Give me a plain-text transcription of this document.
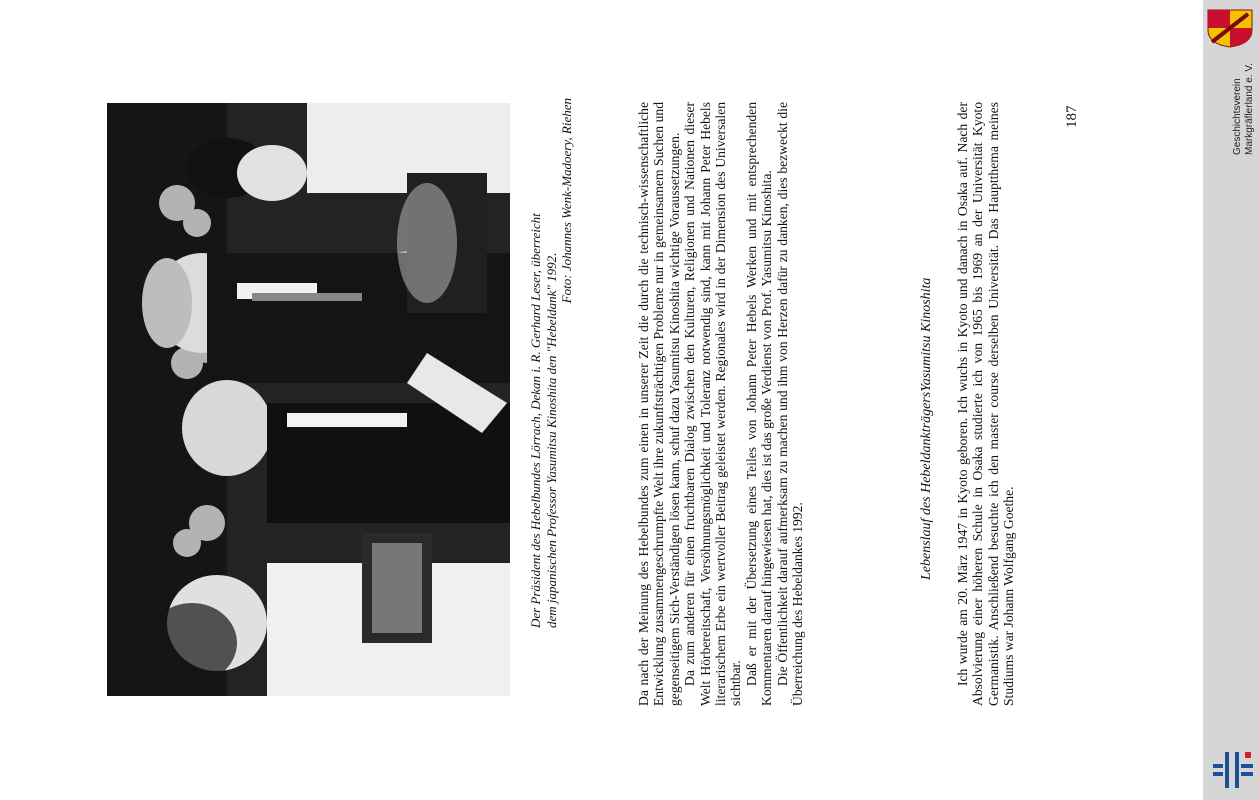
Der Präsident des Hebelbundes Lörrach, Dekan i. R. Gerhard Leser, überreicht dem japanischen Professor Yasumitsu Kinoshita den "Hebeldank" 1992.
Foto: Johannes Wenk-Madoery, Riehen	Da nach der Meinung des Hebelbundes zum einen in unserer Zeit die durch die technisch-wissenschaftliche Entwicklung zusammengeschrumpfte Welt ihre zukunftsträchtigen Probleme nur in gemeinsamem Suchen und gegenseitigem Sich-Verständigen lösen kann, schuf dazu Yasumitsu Kinoshita wichtige Voraussetzungen. Da zum anderen für einen fruchtbaren Dialog zwischen den Kulturen, Religionen und Nationen dieser Welt Hörbereitschaft, Versöhnungsmöglichkeit und Toleranz notwendig sind, kann mit Johann Peter Hebels literarischem Erbe ein wertvoller Beitrag geleistet werden. Regionales wird in der Dimension des Universalen sichtbar. Daß er mit der Übersetzung eines Teiles von Johann Peter Hebels Werken und mit entsprechenden Kommentaren darauf hingewiesen hat, dies ist das große Verdienst von Prof. Yasumitsu Kinoshita. Die Öffentlichkeit darauf aufmerksam zu machen und ihm von Herzen dafür zu danken, dies bezweckt die Überreichung des Hebeldankes 1992.

Lebenslauf des HebeldankträgersYasumitsu Kinoshita Ich wurde am 20. März 1947 in Kyoto geboren. Ich wuchs in Kyoto und danach in Osaka auf. Nach der Absolvierung einer höheren Schule in Osaka studierte ich von 1965 bis 1969 an der Universität Kyoto Germanistik. Anschließend besuchte ich den master course derselben Universität. Das Hauptthema meines Studiums war Johann Wolfgang Goethe.

187	Geschichtsverein Markgräflerland e. V.
